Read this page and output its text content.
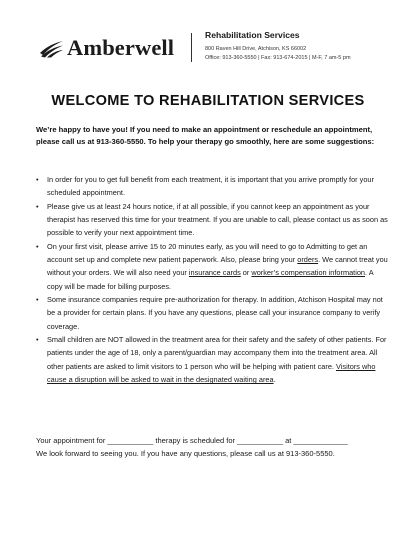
Amberwell	Rehabilitation Services
800 Raven Hill Drive, Atchison, KS 66002
Office: 913-360-5550 | Fax: 913-674-2015 | M-F, 7 am-5 pm
WELCOME TO REHABILITATION SERVICES
We’re happy to have you! If you need to make an appointment or reschedule an appointment, please call us at 913-360-5550. To help your therapy go smoothly, here are some suggestions:
• In order for you to get full benefit from each treatment, it is important that you arrive promptly for your scheduled appointment.
• Please give us at least 24 hours notice, if at all possible, if you cannot keep an appointment as your therapist has reserved this time for your treatment. If you are unable to call, please contact us as soon as possible to verify your next appointment time.
• On your first visit, please arrive 15 to 20 minutes early, as you will need to go to Admitting to get an account set up and complete new patient paperwork. Also, please bring your orders. We cannot treat you without your orders. We will also need your insurance cards or worker’s compensation information. A copy will be made for billing purposes.
• Some insurance companies require pre-authorization for therapy. In addition, Atchison Hospital may not be a provider for certain plans. If you have any questions, please call your insurance company to verify coverage.
• Small children are NOT allowed in the treatment area for their safety and the safety of other patients. For patients under the age of 18, only a parent/guardian may accompany them into the treatment area. All other patients are asked to limit visitors to 1 person who will be helping with patient care. Visitors who cause a disruption will be asked to wait in the designated waiting area.
Your appointment for ___________ therapy is scheduled for ___________ at _____________
We look forward to seeing you. If you have any questions, please call us at 913-360-5550.
